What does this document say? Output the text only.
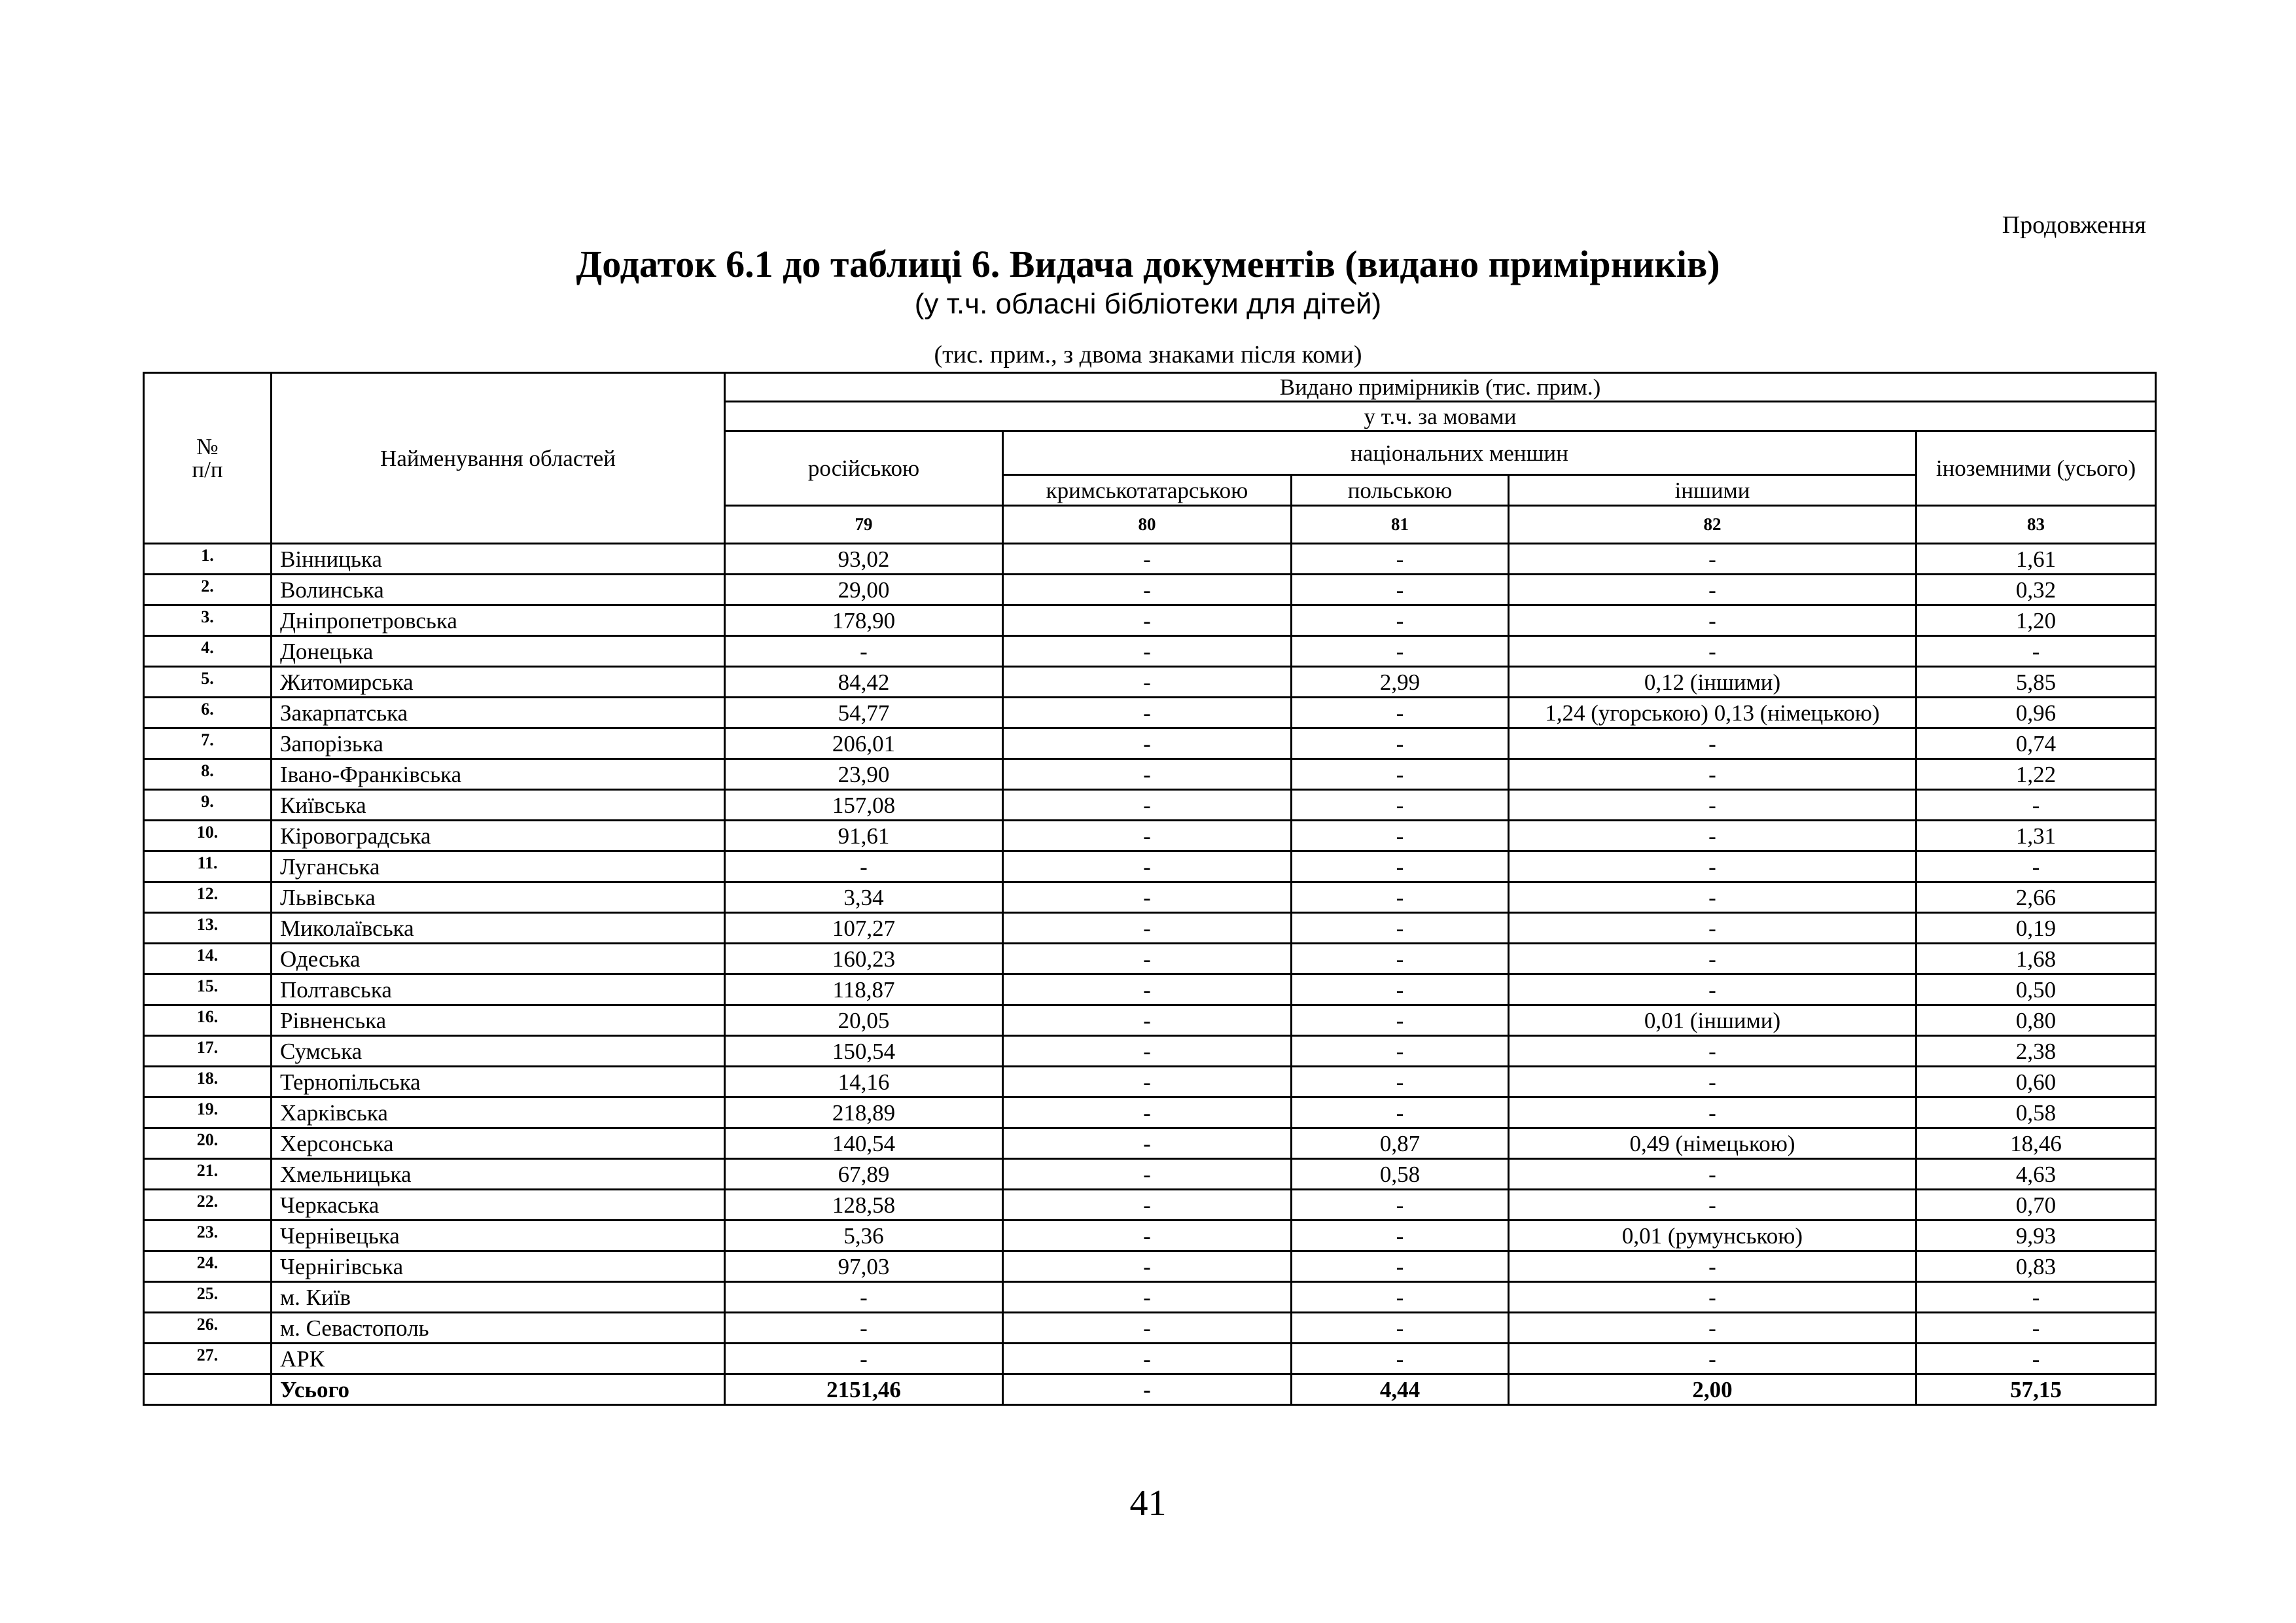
Продовження
Додаток 6.1 до таблиці 6. Видача документів (видано примірників)
(у т.ч. обласні бібліотеки для дітей)
(тис. прим., з двома знаками після коми)
№
п/п	Найменування областей	Видано примірників (тис. прим.)				
		у т.ч. за мовами				
		російською	національних меншин			іноземними (усього)
			кримськотатарською	польською	іншими	
		79	80	81	82	83
1.	Вінницька	93,02	-	-	-	1,61
2.	Волинська	29,00	-	-	-	0,32
3.	Дніпропетровська	178,90	-	-	-	1,20
4.	Донецька	-	-	-	-	-
5.	Житомирська	84,42	-	2,99	0,12 (іншими)	5,85
6.	Закарпатська	54,77	-	-	1,24 (угорською) 0,13 (німецькою)	0,96
7.	Запорізька	206,01	-	-	-	0,74
8.	Івано-Франківська	23,90	-	-	-	1,22
9.	Київська	157,08	-	-	-	-
10.	Кіровоградська	91,61	-	-	-	1,31
11.	Луганська	-	-	-	-	-
12.	Львівська	3,34	-	-	-	2,66
13.	Миколаївська	107,27	-	-	-	0,19
14.	Одеська	160,23	-	-	-	1,68
15.	Полтавська	118,87	-	-	-	0,50
16.	Рівненська	20,05	-	-	0,01 (іншими)	0,80
17.	Сумська	150,54	-	-	-	2,38
18.	Тернопільська	14,16	-	-	-	0,60
19.	Харківська	218,89	-	-	-	0,58
20.	Херсонська	140,54	-	0,87	0,49 (німецькою)	18,46
21.	Хмельницька	67,89	-	0,58	-	4,63
22.	Черкаська	128,58	-	-	-	0,70
23.	Чернівецька	5,36	-	-	0,01 (румунською)	9,93
24.	Чернігівська	97,03	-	-	-	0,83
25.	м. Київ	-	-	-	-	-
26.	м. Севастополь	-	-	-	-	-
27.	АРК	-	-	-	-	-
	Усього	2151,46	-	4,44	2,00	57,15
41
